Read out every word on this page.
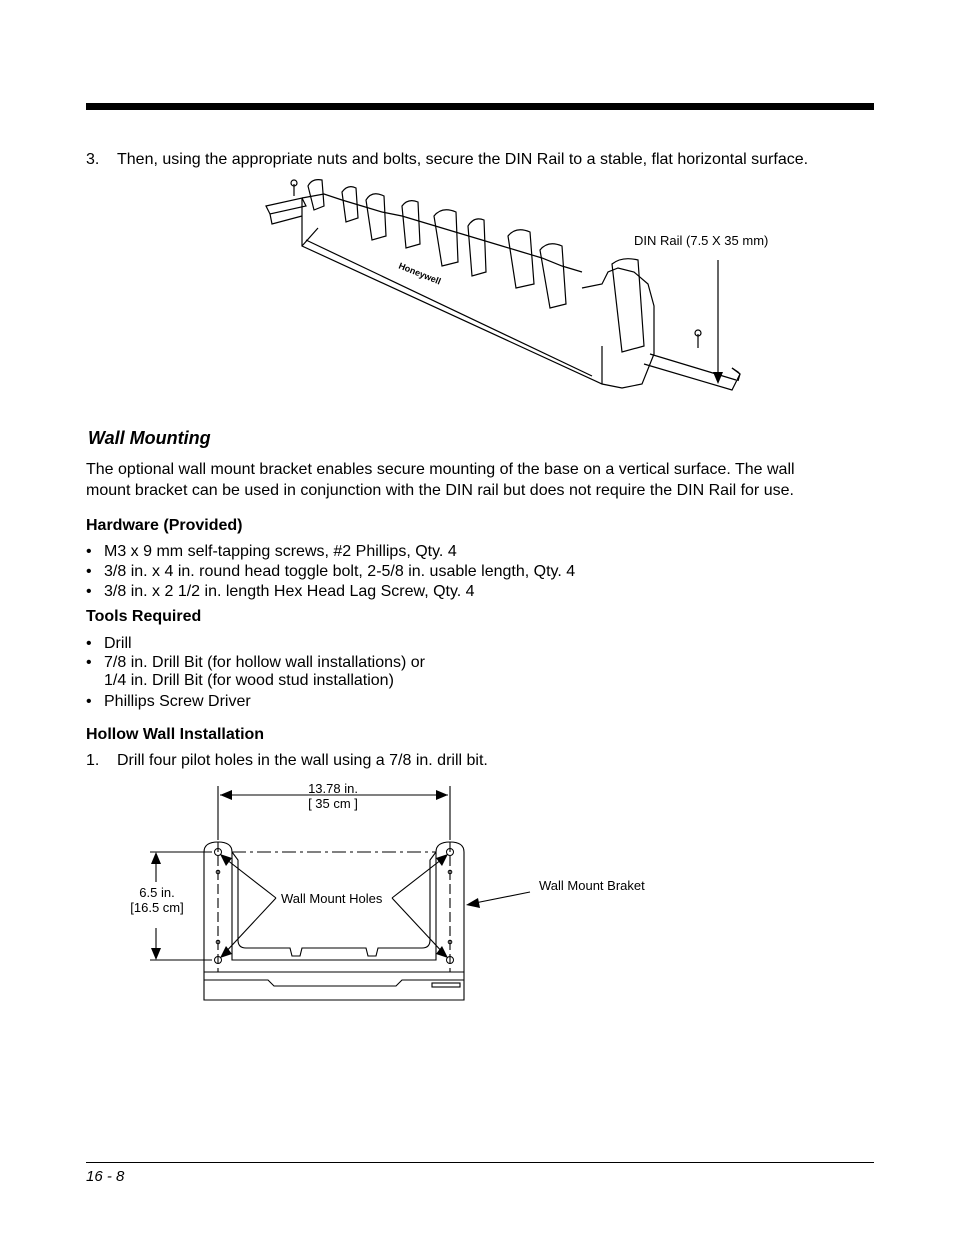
3. Then, using the appropriate nuts and bolts, secure the DIN Rail to a stable, flat horizontal surface.
Honeywell
DIN Rail (7.5 X 35 mm)
Wall Mounting
The optional wall mount bracket enables secure mounting of the base on a vertical surface. The wall
mount bracket can be used in conjunction with the DIN rail but does not require the DIN Rail for use.
Hardware (Provided)
• M3 x 9 mm self-tapping screws, #2 Phillips, Qty. 4
• 3/8 in. x 4 in. round head toggle bolt, 2-5/8 in. usable length, Qty. 4
• 3/8 in. x 2 1/2 in. length Hex Head Lag Screw, Qty. 4
Tools Required
• Drill
• 7/8 in. Drill Bit (for hollow wall installations) or
1/4 in. Drill Bit (for wood stud installation)
• Phillips Screw Driver
Hollow Wall Installation
1. Drill four pilot holes in the wall using a 7/8 in. drill bit.
13.78 in.
[ 35 cm ]
6.5 in.
[16.5 cm]
Wall Mount Holes
Wall Mount Braket
16 - 8
